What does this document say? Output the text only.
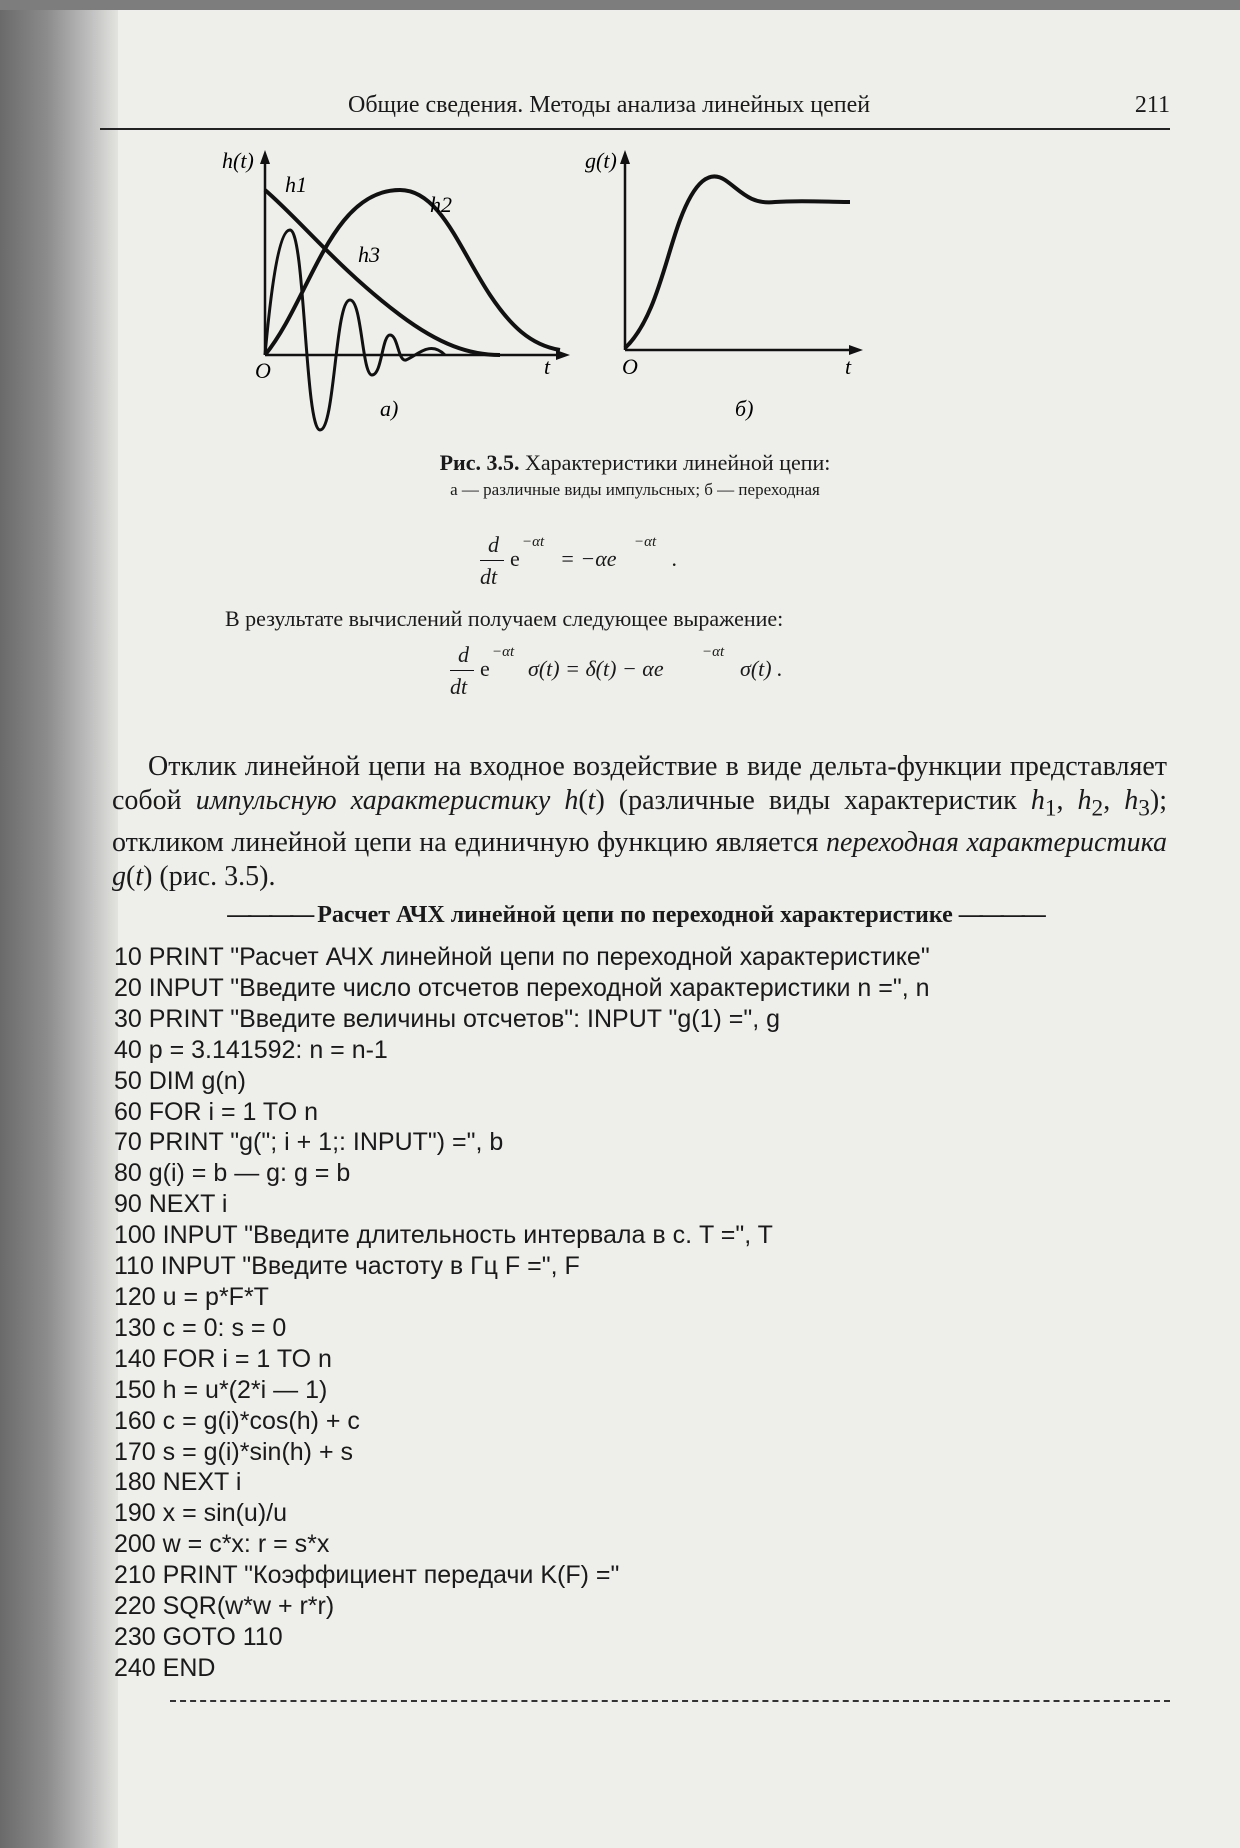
Общие сведения. Методы анализа линейных цепей	211
h(t)
O	t
h1
h2
h3
а)
g(t)
O	t
б)
Рис. 3.5. Характеристики линейной цепи:
а — различные виды импульсных; б — переходная
d
dt
e
−αt
= −αe
−αt
.
В результате вычислений получаем следующее выражение:
d
dt
e
−αt
σ(t) = δ(t) − αe
−αt
σ(t) .

Отклик линейной цепи на входное воздействие в виде дельта-функции представляет собой импульсную характеристику h(t) (различные виды характеристик $h_1$, $h_2$, $h_3$); откликом линейной цепи на единичную функцию является переходная характеристика g(t) (рис. 3.5).

———— Расчет АЧХ линейной цепи по переходной характеристике ————
10 PRINT "Расчет АЧХ линейной цепи по переходной характеристике"
20 INPUT "Введите число отсчетов переходной характеристики n =", n
30 PRINT "Введите величины отсчетов": INPUT "g(1) =", g
40 p = 3.141592: n = n-1
50 DIM g(n)
60 FOR i = 1 TO n
70 PRINT "g("; i + 1;: INPUT") =", b
80 g(i) = b — g: g = b
90 NEXT i
100 INPUT "Введите длительность интервала в с. T =", T
110 INPUT "Введите частоту в Гц F =", F
120 u = p*F*T
130 c = 0: s = 0
140 FOR i = 1 TO n
150 h = u*(2*i — 1)
160 c = g(i)*cos(h) + c
170 s = g(i)*sin(h) + s
180 NEXT i
190 x = sin(u)/u
200 w = c*x: r = s*x
210 PRINT "Коэффициент передачи K(F) ="
220 SQR(w*w + r*r)
230 GOTO 110
240 END
